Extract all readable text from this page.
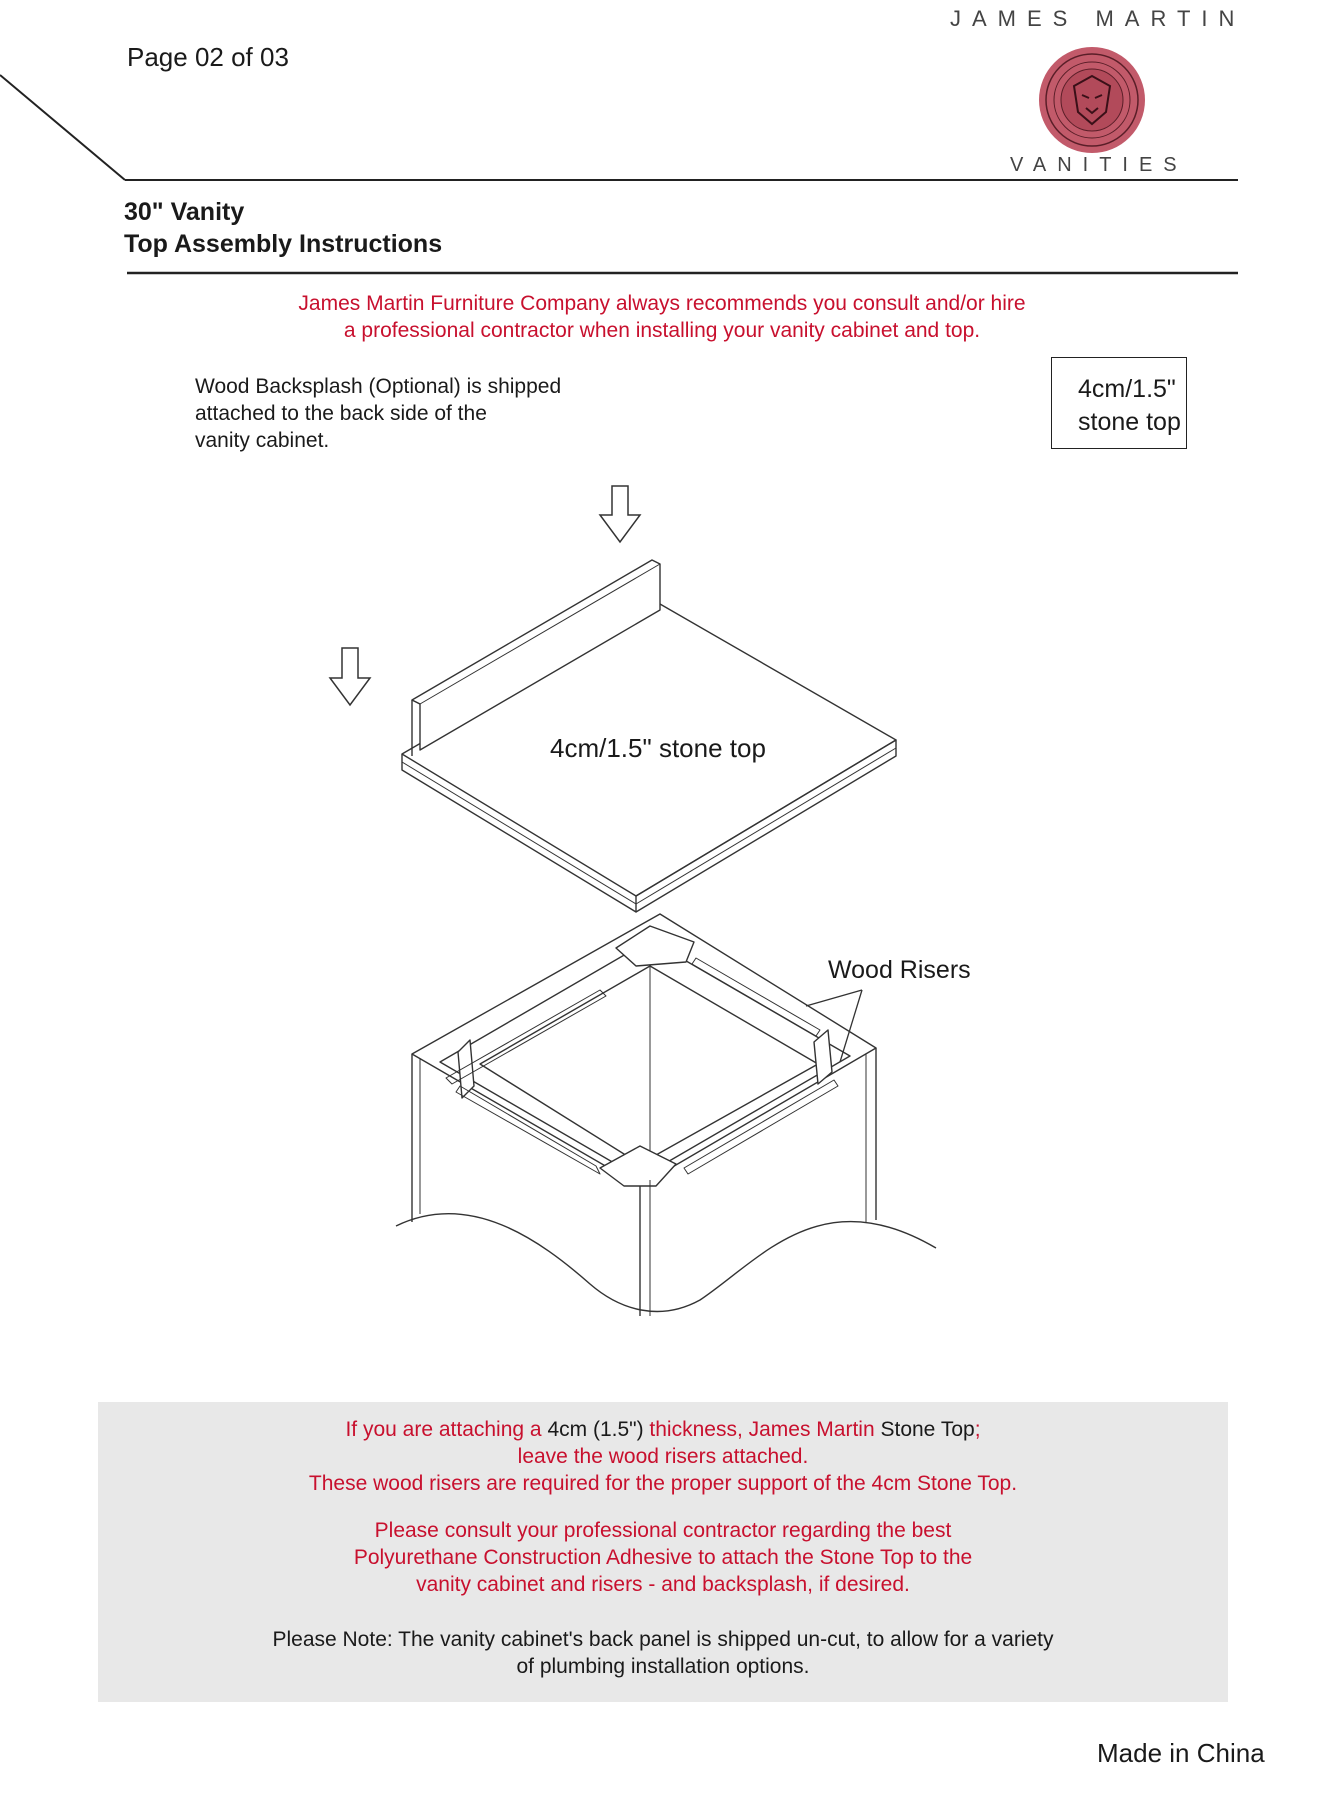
Page 02 of 03
JAMES MARTIN
VANITIES
30" Vanity
Top Assembly Instructions
James Martin Furniture Company always recommends you consult and/or hire
a professional contractor when installing your vanity cabinet and top.
Wood Backsplash (Optional) is shipped
attached to the back side of the
vanity cabinet.
4cm/1.5"
stone top
4cm/1.5" stone top
Wood Risers
If you are attaching a 4cm (1.5") thickness, James Martin Stone Top;
leave the wood risers attached.
These wood risers are required for the proper support of the 4cm Stone Top.
Please consult your professional contractor regarding the best
Polyurethane Construction Adhesive to attach the Stone Top to the
vanity cabinet and risers - and backsplash, if desired.
Please Note: The vanity cabinet's back panel is shipped un-cut, to allow for a variety
of plumbing installation options.
Made in China
